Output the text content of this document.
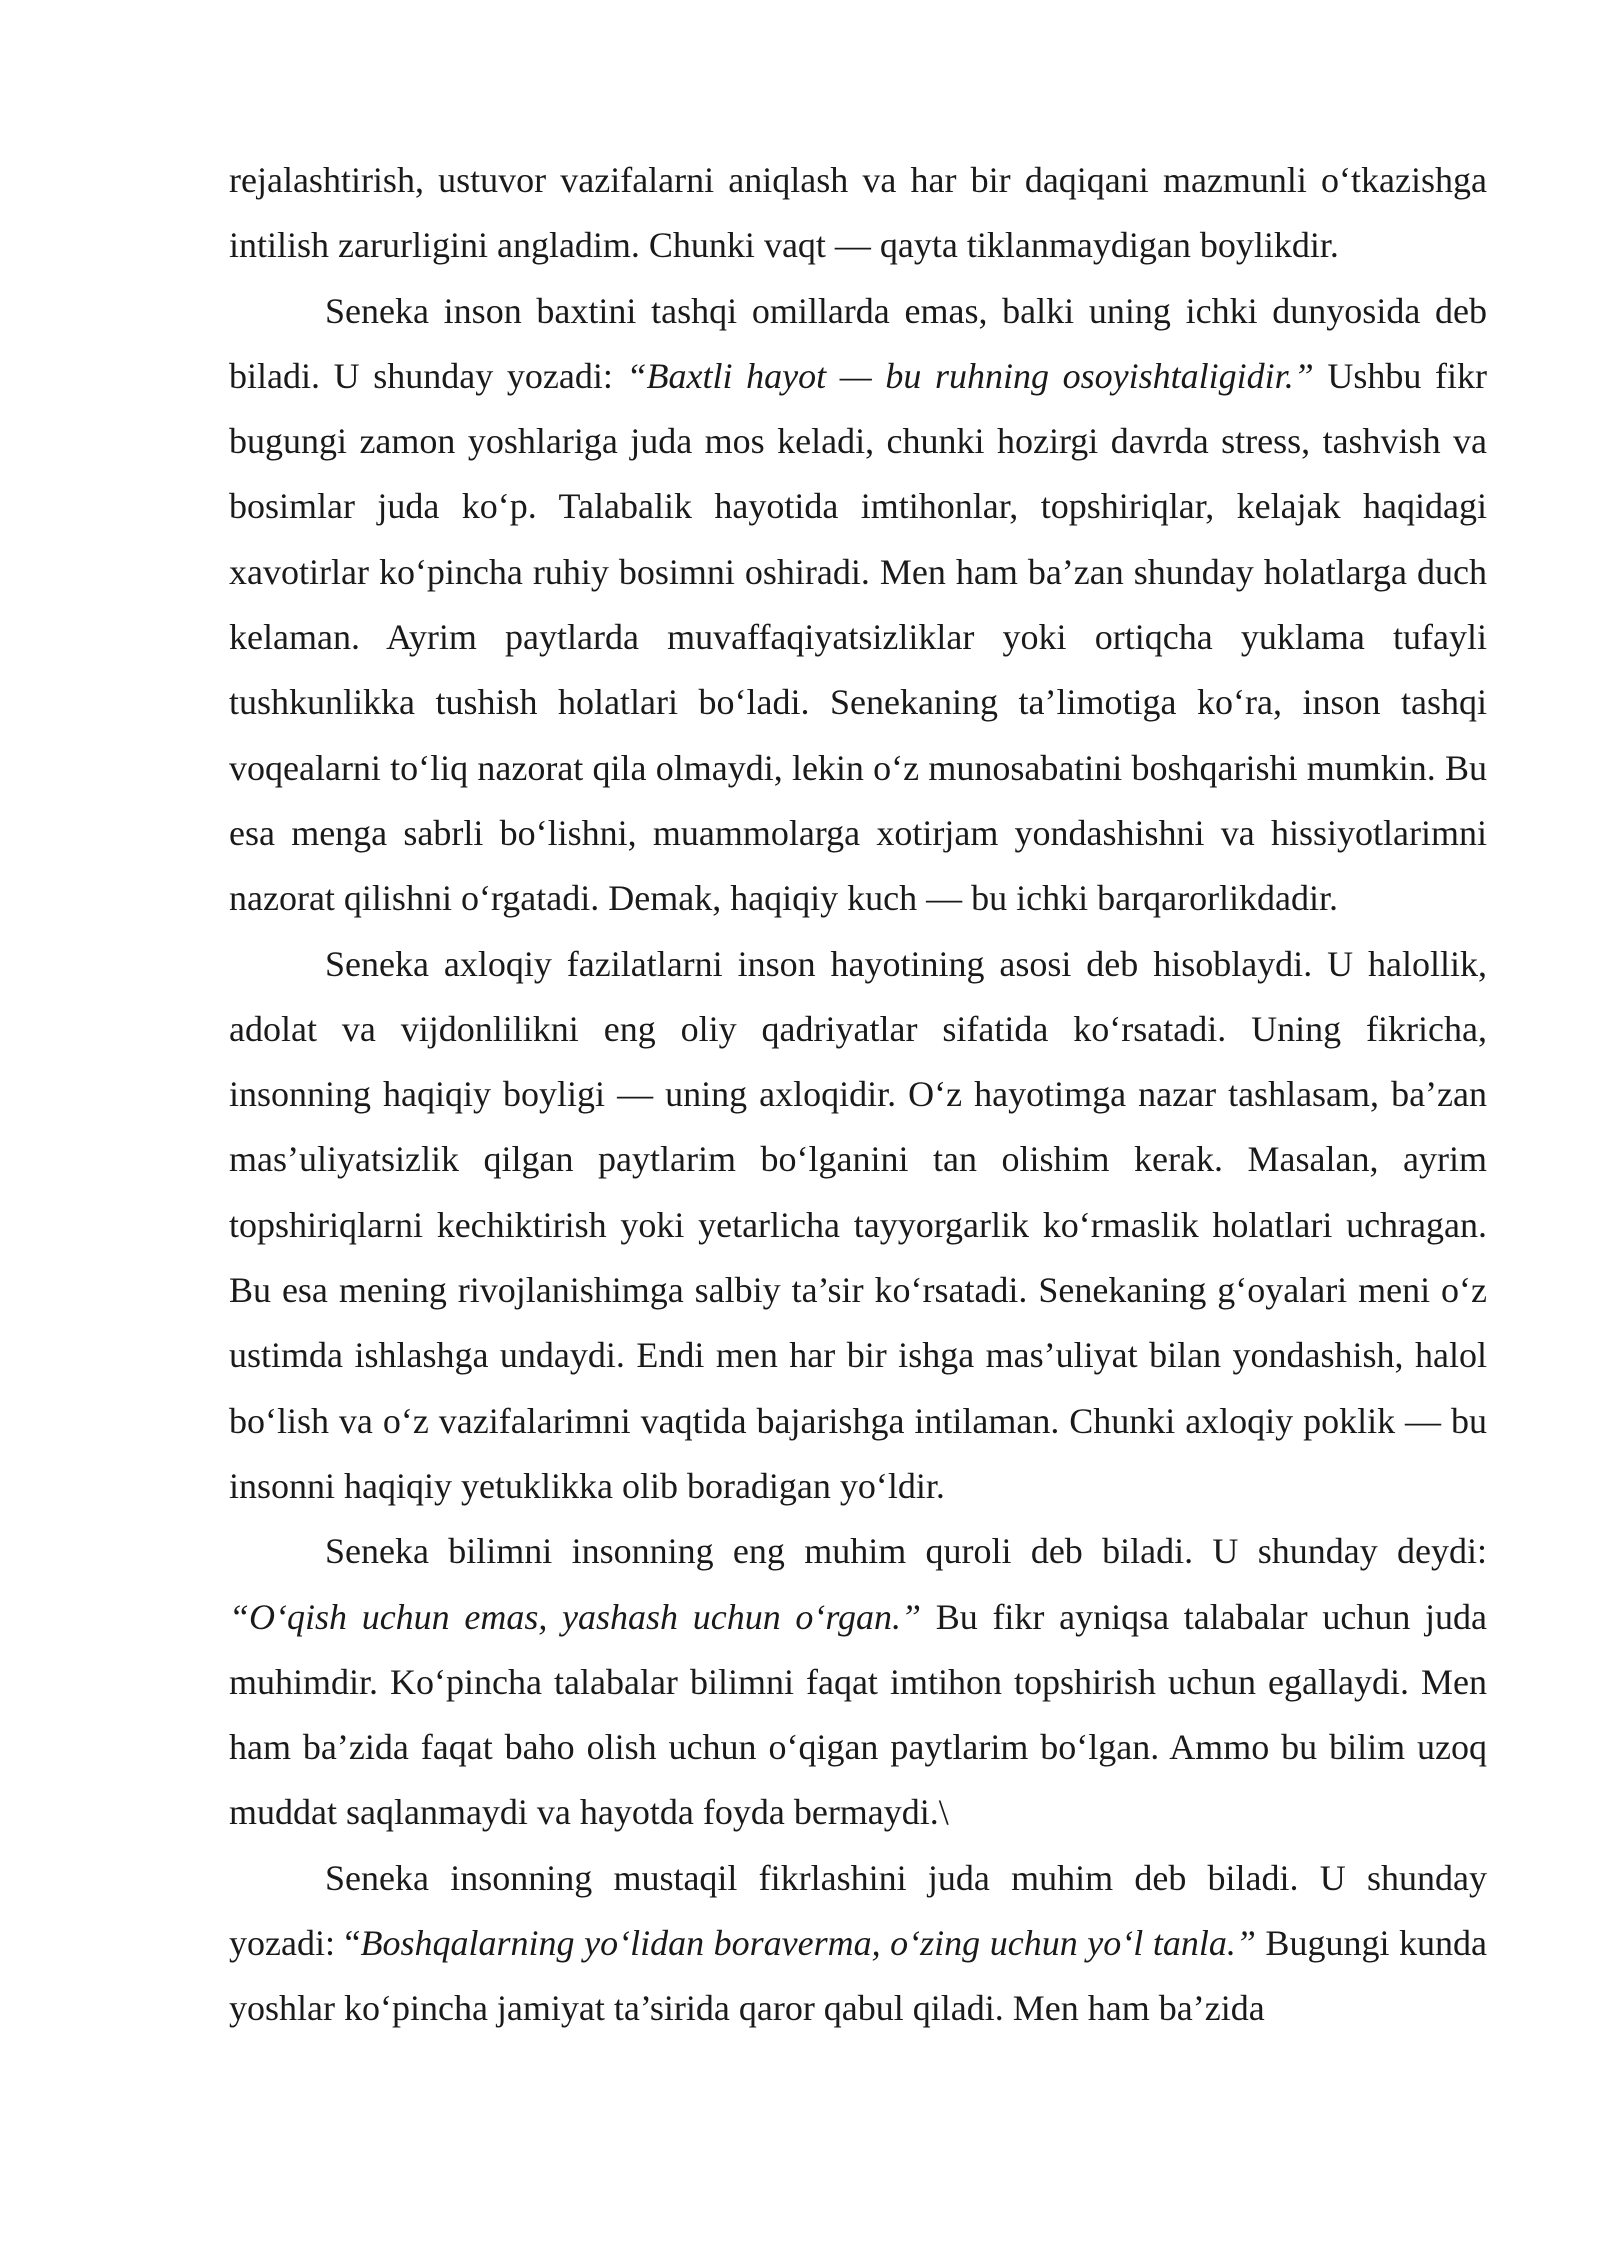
rejalashtirish, ustuvor vazifalarni aniqlash va har bir daqiqani mazmunli o‘tkazishga intilish zarurligini angladim. Chunki vaqt — qayta tiklanmaydigan boylikdir.

Seneka inson baxtini tashqi omillarda emas, balki uning ichki dunyosida deb biladi. U shunday yozadi: “Baxtli hayot — bu ruhning osoyishtaligidir.” Ushbu fikr bugungi zamon yoshlariga juda mos keladi, chunki hozirgi davrda stress, tashvish va bosimlar juda ko‘p. Talabalik hayotida imtihonlar, topshiriqlar, kelajak haqidagi xavotirlar ko‘pincha ruhiy bosimni oshiradi. Men ham ba’zan shunday holatlarga duch kelaman. Ayrim paytlarda muvaffaqiyatsizliklar yoki ortiqcha yuklama tufayli tushkunlikka tushish holatlari bo‘ladi. Senekaning ta’limotiga ko‘ra, inson tashqi voqealarni to‘liq nazorat qila olmaydi, lekin o‘z munosabatini boshqarishi mumkin. Bu esa menga sabrli bo‘lishni, muammolarga xotirjam yondashishni va hissiyotlarimni nazorat qilishni o‘rgatadi. Demak, haqiqiy kuch — bu ichki barqarorlikdadir.

Seneka axloqiy fazilatlarni inson hayotining asosi deb hisoblaydi. U halollik, adolat va vijdonlilikni eng oliy qadriyatlar sifatida ko‘rsatadi. Uning fikricha, insonning haqiqiy boyligi — uning axloqidir. O‘z hayotimga nazar tashlasam, ba’zan mas’uliyatsizlik qilgan paytlarim bo‘lganini tan olishim kerak. Masalan, ayrim topshiriqlarni kechiktirish yoki yetarlicha tayyorgarlik ko‘rmaslik holatlari uchragan. Bu esa mening rivojlanishimga salbiy ta’sir ko‘rsatadi. Senekaning g‘oyalari meni o‘z ustimda ishlashga undaydi. Endi men har bir ishga mas’uliyat bilan yondashish, halol bo‘lish va o‘z vazifalarimni vaqtida bajarishga intilaman. Chunki axloqiy poklik — bu insonni haqiqiy yetuklikka olib boradigan yo‘ldir.

Seneka bilimni insonning eng muhim quroli deb biladi. U shunday deydi: “O‘qish uchun emas, yashash uchun o‘rgan.” Bu fikr ayniqsa talabalar uchun juda muhimdir. Ko‘pincha talabalar bilimni faqat imtihon topshirish uchun egallaydi. Men ham ba’zida faqat baho olish uchun o‘qigan paytlarim bo‘lgan. Ammo bu bilim uzoq muddat saqlanmaydi va hayotda foyda bermaydi.\

Seneka insonning mustaqil fikrlashini juda muhim deb biladi. U shunday yozadi: “Boshqalarning yo‘lidan boraverma, o‘zing uchun yo‘l tanla.” Bugungi kunda yoshlar ko‘pincha jamiyat ta’sirida qaror qabul qiladi. Men ham ba’zida
